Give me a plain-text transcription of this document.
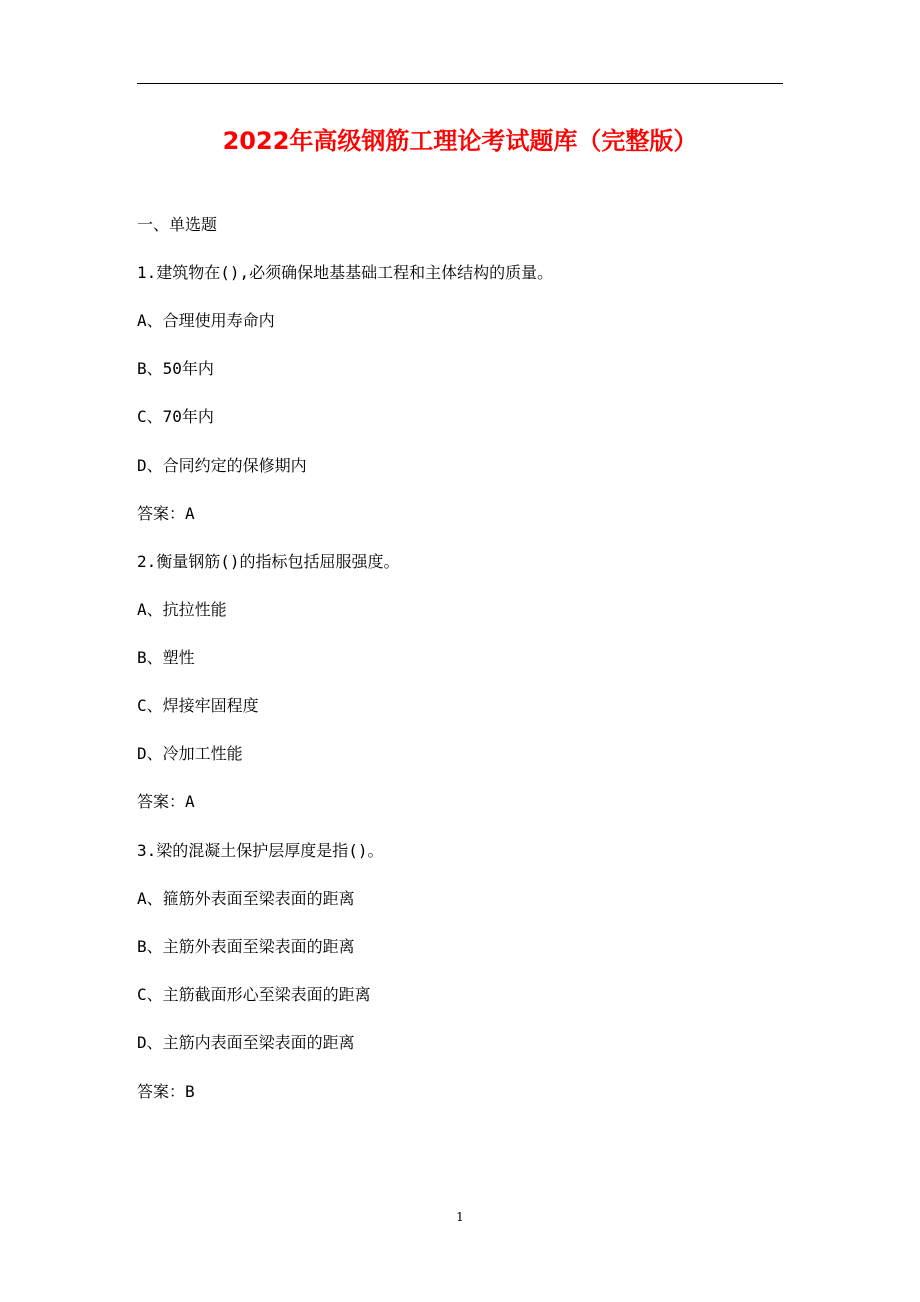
2022年高级钢筋工理论考试题库（完整版）

一、单选题

1.建筑物在(),必须确保地基基础工程和主体结构的质量。

A、合理使用寿命内

B、50年内

C、70年内

D、合同约定的保修期内

答案：A

2.衡量钢筋()的指标包括屈服强度。

A、抗拉性能

B、塑性

C、焊接牢固程度

D、冷加工性能

答案：A

3.梁的混凝土保护层厚度是指()。

A、箍筋外表面至梁表面的距离

B、主筋外表面至梁表面的距离

C、主筋截面形心至梁表面的距离

D、主筋内表面至梁表面的距离

答案：B

1
